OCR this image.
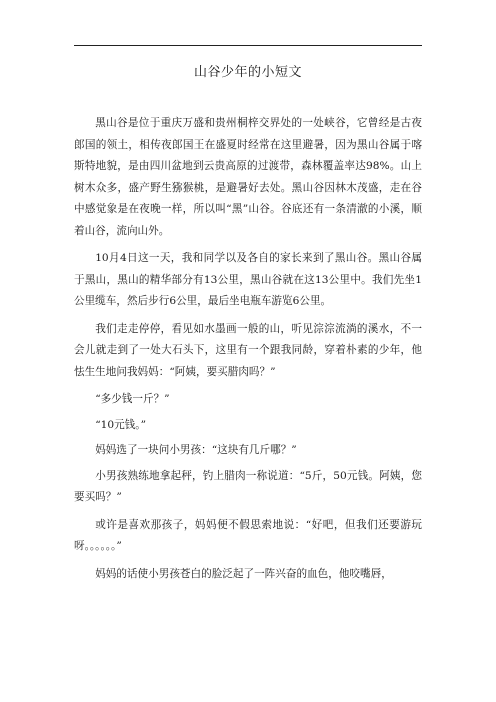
山谷少年的小短文

黑山谷是位于重庆万盛和贵州桐梓交界处的一处峡谷，它曾经是古夜郎国的领土，相传夜郎国王在盛夏时经常在这里避暑，因为黑山谷属于喀斯特地貌，是由四川盆地到云贵高原的过渡带，森林覆盖率达98%。山上树木众多，盛产野生猕猴桃，是避暑好去处。黑山谷因林木茂盛，走在谷中感觉象是在夜晚一样，所以叫“黑”山谷。谷底还有一条清澈的小溪，顺着山谷，流向山外。

10月4日这一天，我和同学以及各自的家长来到了黑山谷。黑山谷属于黑山，黑山的精华部分有13公里，黑山谷就在这13公里中。我们先坐1公里缆车，然后步行6公里，最后坐电瓶车游览6公里。

我们走走停停，看见如水墨画一般的山，听见淙淙流淌的溪水，不一会儿就走到了一处大石头下，这里有一个跟我同龄，穿着朴素的少年，他怯生生地问我妈妈：“阿姨，要买腊肉吗？”

“多少钱一斤？”

“10元钱。”

妈妈选了一块问小男孩：“这块有几斤哪？”

小男孩熟练地拿起秤，钓上腊肉一称说道：“5斤，50元钱。阿姨，您要买吗？”

或许是喜欢那孩子，妈妈便不假思索地说：“好吧，但我们还要游玩呀。。。。。。”

妈妈的话使小男孩苍白的脸泛起了一阵兴奋的血色，他咬嘴唇，
